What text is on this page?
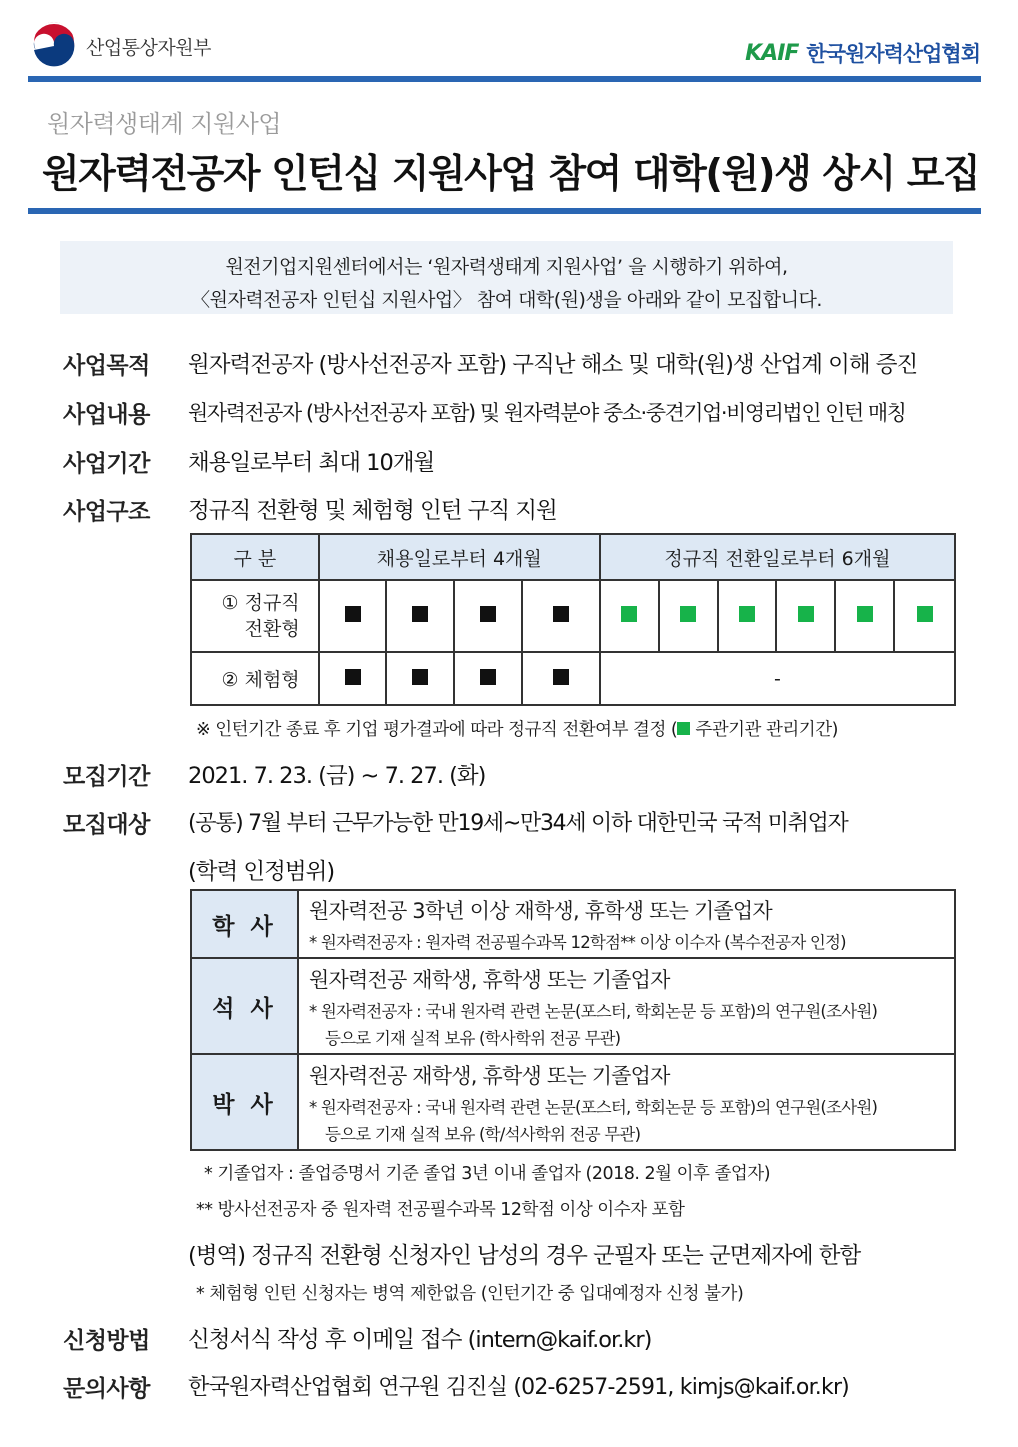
산업통상자원부	KAIF 한국원자력산업협회
원자력생태계 지원사업
원자력전공자 인턴십 지원사업 참여 대학(원)생 상시 모집
원전기업지원센터에서는 ‘원자력생태계 지원사업’ 을 시행하기 위하여,
〈원자력전공자 인턴십 지원사업〉 참여 대학(원)생을 아래와 같이 모집합니다.
사업목적 원자력전공자 (방사선전공자 포함) 구직난 해소 및 대학(원)생 산업계 이해 증진
사업내용 원자력전공자 (방사선전공자 포함) 및 원자력분야 중소·중견기업·비영리법인 인턴 매칭
사업기간 채용일로부터 최대 10개월
사업구조 정규직 전환형 및 체험형 인턴 구직 지원
구 분	채용일로부터 4개월				정규직 전환일로부터 6개월					

① 정규직
전환형										

② 체험형					-					
※ 인턴기간 종료 후 기업 평가결과에 따라 정규직 전환여부 결정 ( 주관기관 관리기간)
모집기간 2021. 7. 23. (금) ~ 7. 27. (화)
모집대상 (공통) 7월 부터 근무가능한 만19세~만34세 이하 대한민국 국적 미취업자
(학력 인정범위)
학 사	원자력전공 3학년 이상 재학생, 휴학생 또는 기졸업자
* 원자력전공자 : 원자력 전공필수과목 12학점** 이상 이수자 (복수전공자 인정)

석 사	원자력전공 재학생, 휴학생 또는 기졸업자
* 원자력전공자 : 국내 원자력 관련 논문(포스터, 학회논문 등 포함)의 연구원(조사원)
등으로 기재 실적 보유 (학사학위 전공 무관)

박 사	원자력전공 재학생, 휴학생 또는 기졸업자
* 원자력전공자 : 국내 원자력 관련 논문(포스터, 학회논문 등 포함)의 연구원(조사원)
등으로 기재 실적 보유 (학/석사학위 전공 무관)
* 기졸업자 : 졸업증명서 기준 졸업 3년 이내 졸업자 (2018. 2월 이후 졸업자)
** 방사선전공자 중 원자력 전공필수과목 12학점 이상 이수자 포함
(병역) 정규직 전환형 신청자인 남성의 경우 군필자 또는 군면제자에 한함
* 체험형 인턴 신청자는 병역 제한없음 (인턴기간 중 입대예정자 신청 불가)
신청방법 신청서식 작성 후 이메일 접수 (intern@kaif.or.kr)
문의사항 한국원자력산업협회 연구원 김진실 (02-6257-2591, kimjs@kaif.or.kr)
